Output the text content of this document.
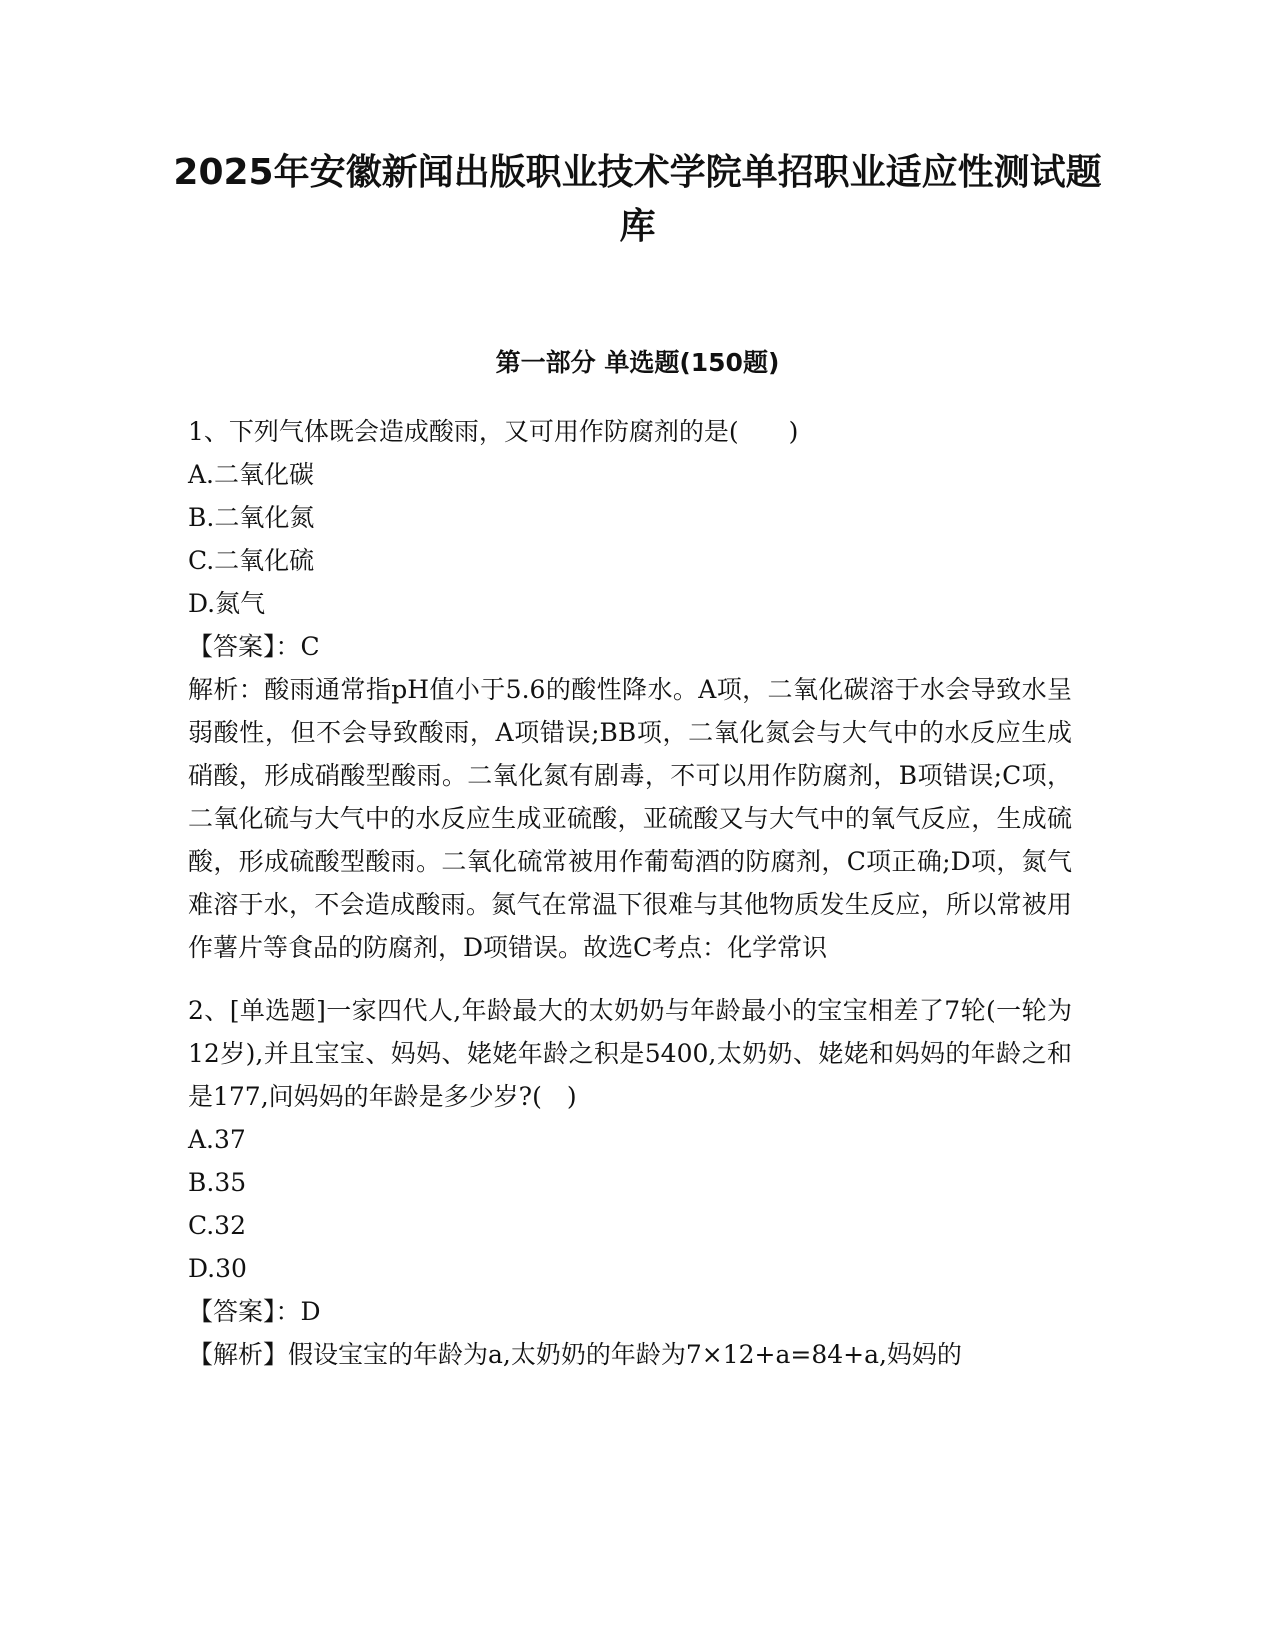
2025年安徽新闻出版职业技术学院单招职业适应性测试题库
第一部分 单选题(150题)

1、下列气体既会造成酸雨，又可用作防腐剂的是(　　)

A.二氧化碳

B.二氧化氮

C.二氧化硫

D.氮气

【答案】：C

解析：酸雨通常指pH值小于5.6的酸性降水。A项，二氧化碳溶于水会导致水呈弱酸性，但不会导致酸雨，A项错误;BB项，二氧化氮会与大气中的水反应生成硝酸，形成硝酸型酸雨。二氧化氮有剧毒，不可以用作防腐剂，B项错误;C项，二氧化硫与大气中的水反应生成亚硫酸，亚硫酸又与大气中的氧气反应，生成硫酸，形成硫酸型酸雨。二氧化硫常被用作葡萄酒的防腐剂，C项正确;D项，氮气难溶于水，不会造成酸雨。氮气在常温下很难与其他物质发生反应，所以常被用作薯片等食品的防腐剂，D项错误。故选C考点：化学常识

2、[单选题]一家四代人,年龄最大的太奶奶与年龄最小的宝宝相差了7轮(一轮为12岁),并且宝宝、妈妈、姥姥年龄之积是5400,太奶奶、姥姥和妈妈的年龄之和是177,问妈妈的年龄是多少岁?(　)

A.37

B.35

C.32

D.30

【答案】：D

【解析】假设宝宝的年龄为a,太奶奶的年龄为7×12+a=84+a,妈妈的
